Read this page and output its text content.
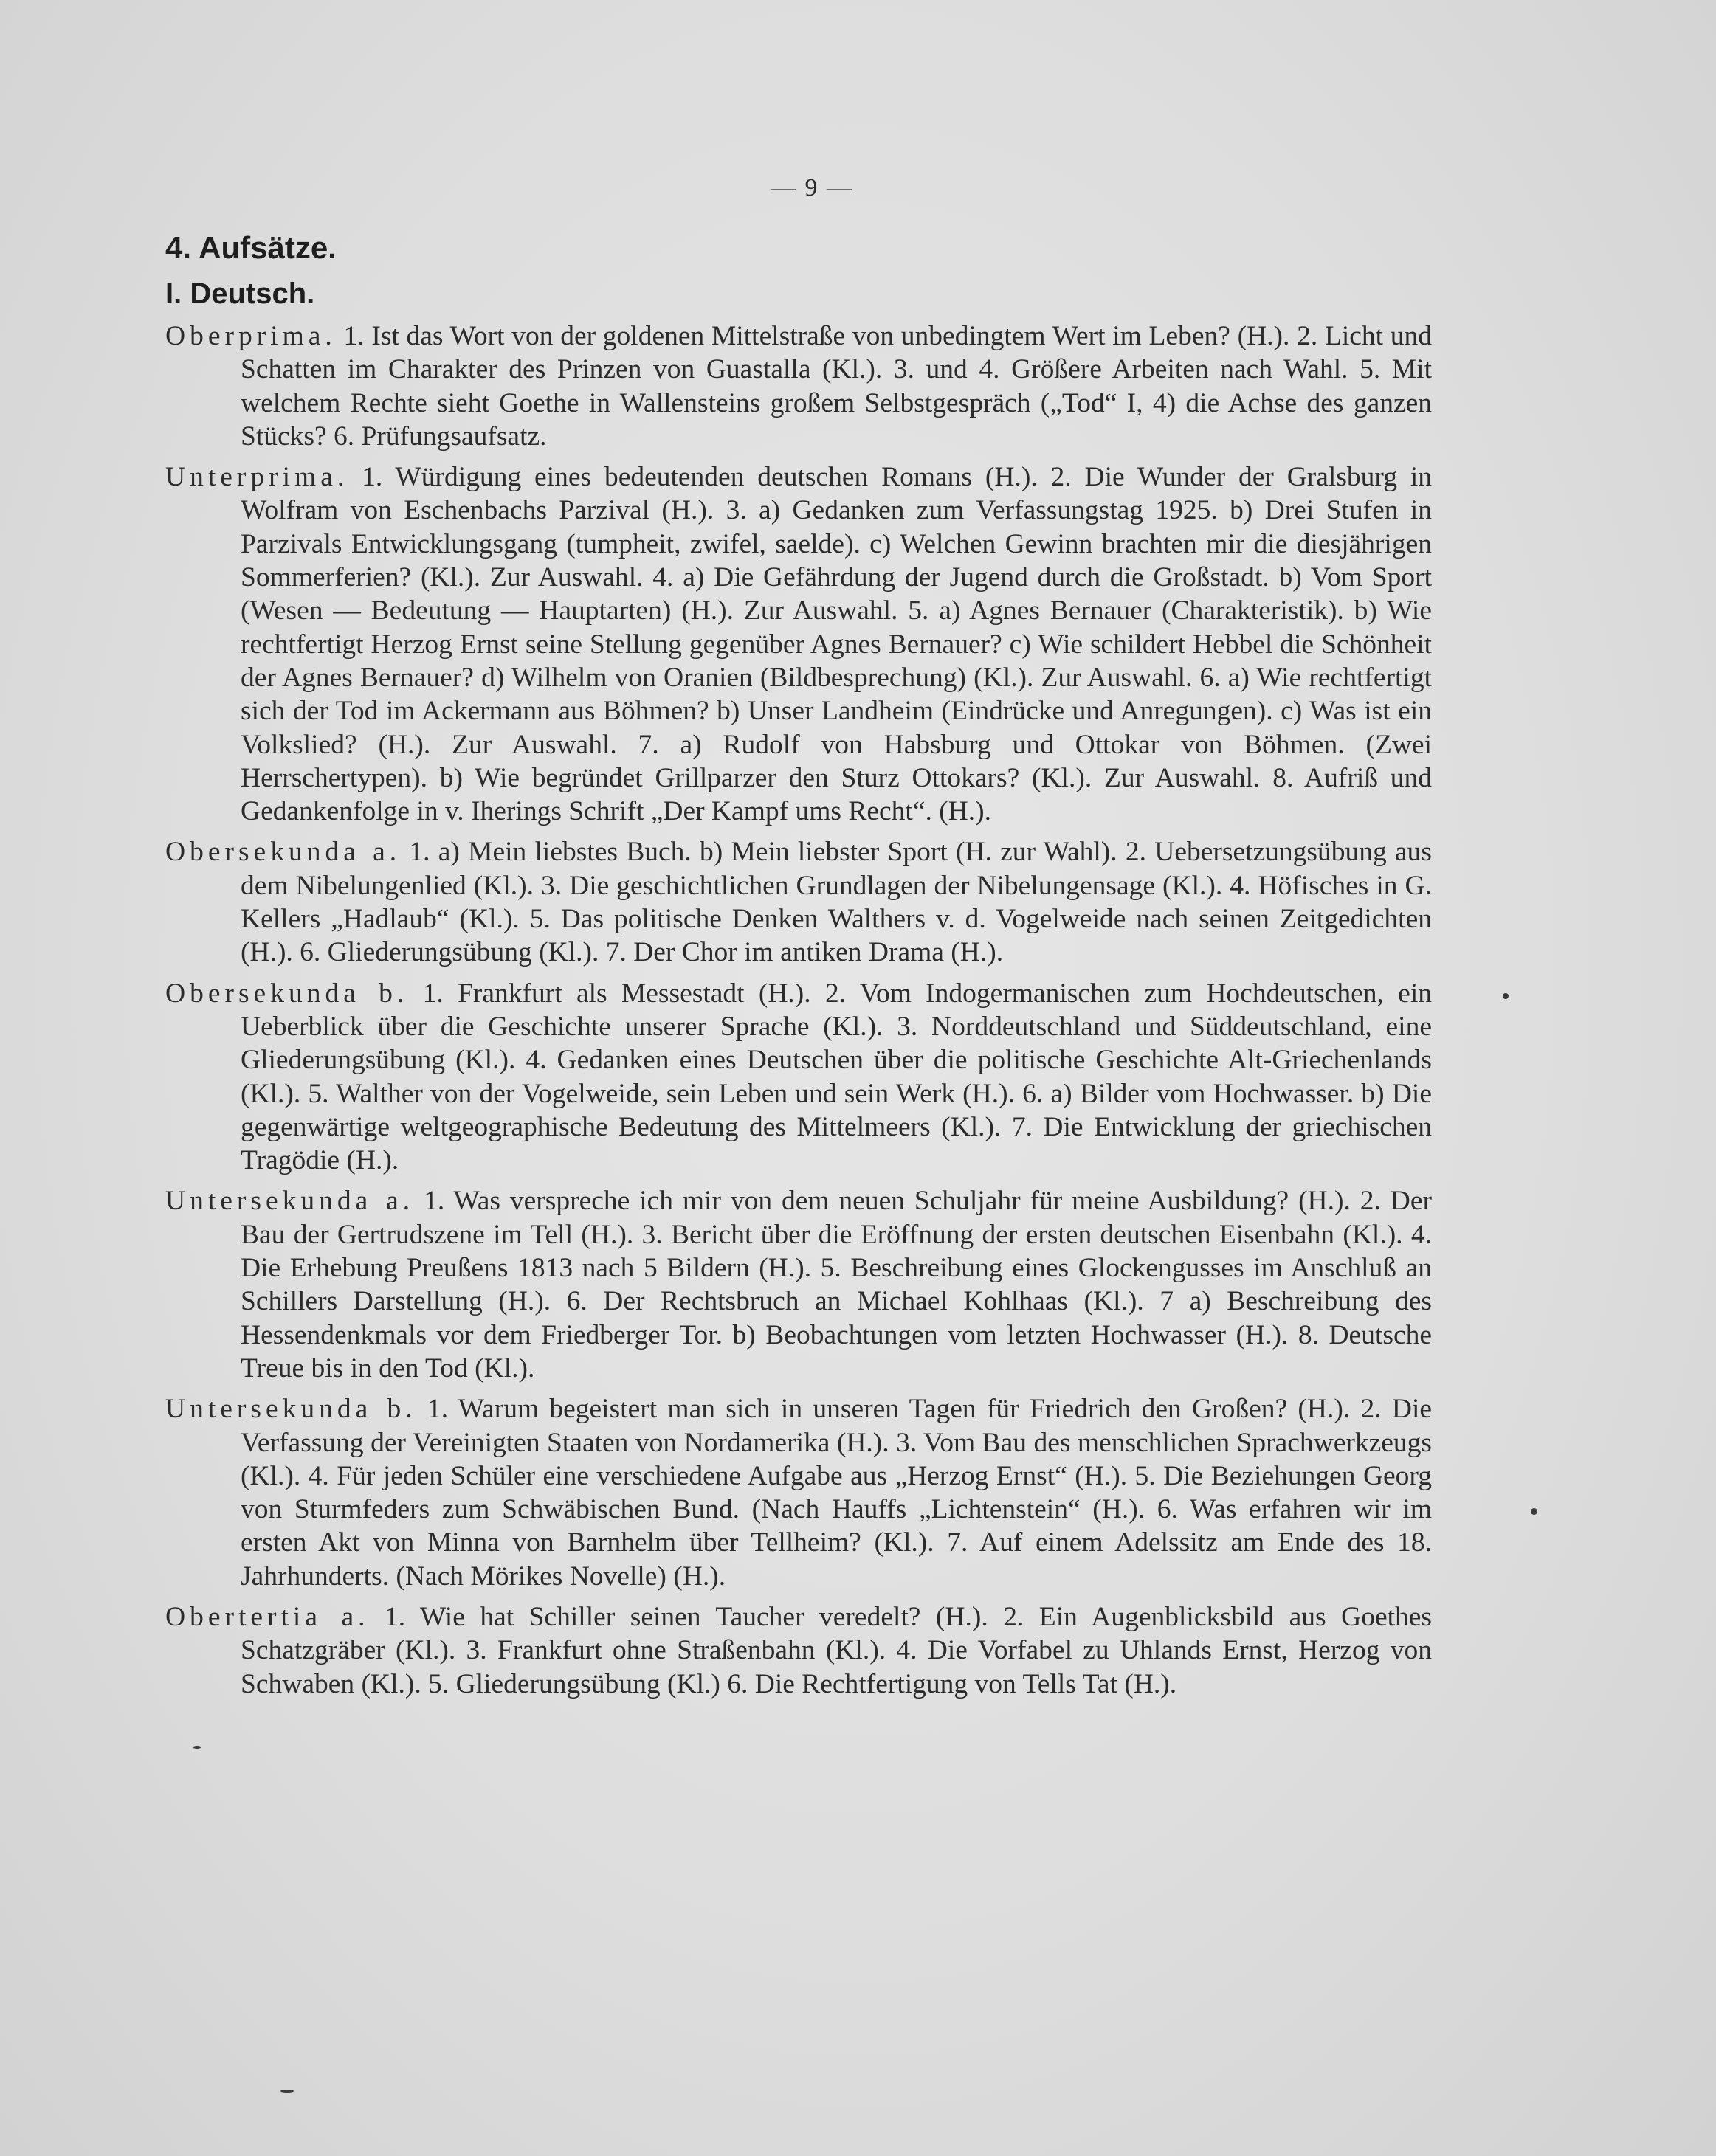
— 9 —
4. Aufsätze.
I. Deutsch.

Oberprima. 1. Ist das Wort von der goldenen Mittelstraße von unbedingtem Wert im Leben? (H.). 2. Licht und Schatten im Charakter des Prinzen von Guastalla (Kl.). 3. und 4. Größere Arbeiten nach Wahl. 5. Mit welchem Rechte sieht Goethe in Wallensteins großem Selbstgespräch („Tod“ I, 4) die Achse des ganzen Stücks? 6. Prüfungsaufsatz.

Unterprima. 1. Würdigung eines bedeutenden deutschen Romans (H.). 2. Die Wunder der Gralsburg in Wolfram von Eschenbachs Parzival (H.). 3. a) Gedanken zum Verfassungstag 1925. b) Drei Stufen in Parzivals Entwicklungsgang (tumpheit, zwifel, saelde). c) Welchen Gewinn brachten mir die diesjährigen Sommerferien? (Kl.). Zur Auswahl. 4. a) Die Gefährdung der Jugend durch die Großstadt. b) Vom Sport (Wesen — Bedeutung — Hauptarten) (H.). Zur Auswahl. 5. a) Agnes Bernauer (Charakteristik). b) Wie rechtfertigt Herzog Ernst seine Stellung gegenüber Agnes Bernauer? c) Wie schildert Hebbel die Schönheit der Agnes Bernauer? d) Wilhelm von Oranien (Bildbesprechung) (Kl.). Zur Auswahl. 6. a) Wie rechtfertigt sich der Tod im Ackermann aus Böhmen? b) Unser Landheim (Eindrücke und Anregungen). c) Was ist ein Volkslied? (H.). Zur Auswahl. 7. a) Rudolf von Habsburg und Ottokar von Böhmen. (Zwei Herrschertypen). b) Wie begründet Grillparzer den Sturz Ottokars? (Kl.). Zur Auswahl. 8. Aufriß und Gedankenfolge in v. Iherings Schrift „Der Kampf ums Recht“. (H.).

Obersekunda a. 1. a) Mein liebstes Buch. b) Mein liebster Sport (H. zur Wahl). 2. Uebersetzungsübung aus dem Nibelungenlied (Kl.). 3. Die geschichtlichen Grundlagen der Nibelungensage (Kl.). 4. Höfisches in G. Kellers „Hadlaub“ (Kl.). 5. Das politische Denken Walthers v. d. Vogelweide nach seinen Zeitgedichten (H.). 6. Gliederungsübung (Kl.). 7. Der Chor im antiken Drama (H.).

Obersekunda b. 1. Frankfurt als Messestadt (H.). 2. Vom Indogermanischen zum Hochdeutschen, ein Ueberblick über die Geschichte unserer Sprache (Kl.). 3. Norddeutschland und Süddeutschland, eine Gliederungsübung (Kl.). 4. Gedanken eines Deutschen über die politische Geschichte Alt-Griechenlands (Kl.). 5. Walther von der Vogelweide, sein Leben und sein Werk (H.). 6. a) Bilder vom Hochwasser. b) Die gegenwärtige weltgeographische Bedeutung des Mittelmeers (Kl.). 7. Die Entwicklung der griechischen Tragödie (H.).

Untersekunda a. 1. Was verspreche ich mir von dem neuen Schuljahr für meine Ausbildung? (H.). 2. Der Bau der Gertrudszene im Tell (H.). 3. Bericht über die Eröffnung der ersten deutschen Eisenbahn (Kl.). 4. Die Erhebung Preußens 1813 nach 5 Bildern (H.). 5. Beschreibung eines Glockengusses im Anschluß an Schillers Darstellung (H.). 6. Der Rechtsbruch an Michael Kohlhaas (Kl.). 7 a) Beschreibung des Hessendenkmals vor dem Friedberger Tor. b) Beobachtungen vom letzten Hochwasser (H.). 8. Deutsche Treue bis in den Tod (Kl.).

Untersekunda b. 1. Warum begeistert man sich in unseren Tagen für Friedrich den Großen? (H.). 2. Die Verfassung der Vereinigten Staaten von Nordamerika (H.). 3. Vom Bau des menschlichen Sprachwerkzeugs (Kl.). 4. Für jeden Schüler eine verschiedene Aufgabe aus „Herzog Ernst“ (H.). 5. Die Beziehungen Georg von Sturmfeders zum Schwäbischen Bund. (Nach Hauffs „Lichtenstein“ (H.). 6. Was erfahren wir im ersten Akt von Minna von Barnhelm über Tellheim? (Kl.). 7. Auf einem Adelssitz am Ende des 18. Jahrhunderts. (Nach Mörikes Novelle) (H.).

Obertertia a. 1. Wie hat Schiller seinen Taucher veredelt? (H.). 2. Ein Augenblicksbild aus Goethes Schatzgräber (Kl.). 3. Frankfurt ohne Straßenbahn (Kl.). 4. Die Vorfabel zu Uhlands Ernst, Herzog von Schwaben (Kl.). 5. Gliederungsübung (Kl.) 6. Die Rechtfertigung von Tells Tat (H.).
